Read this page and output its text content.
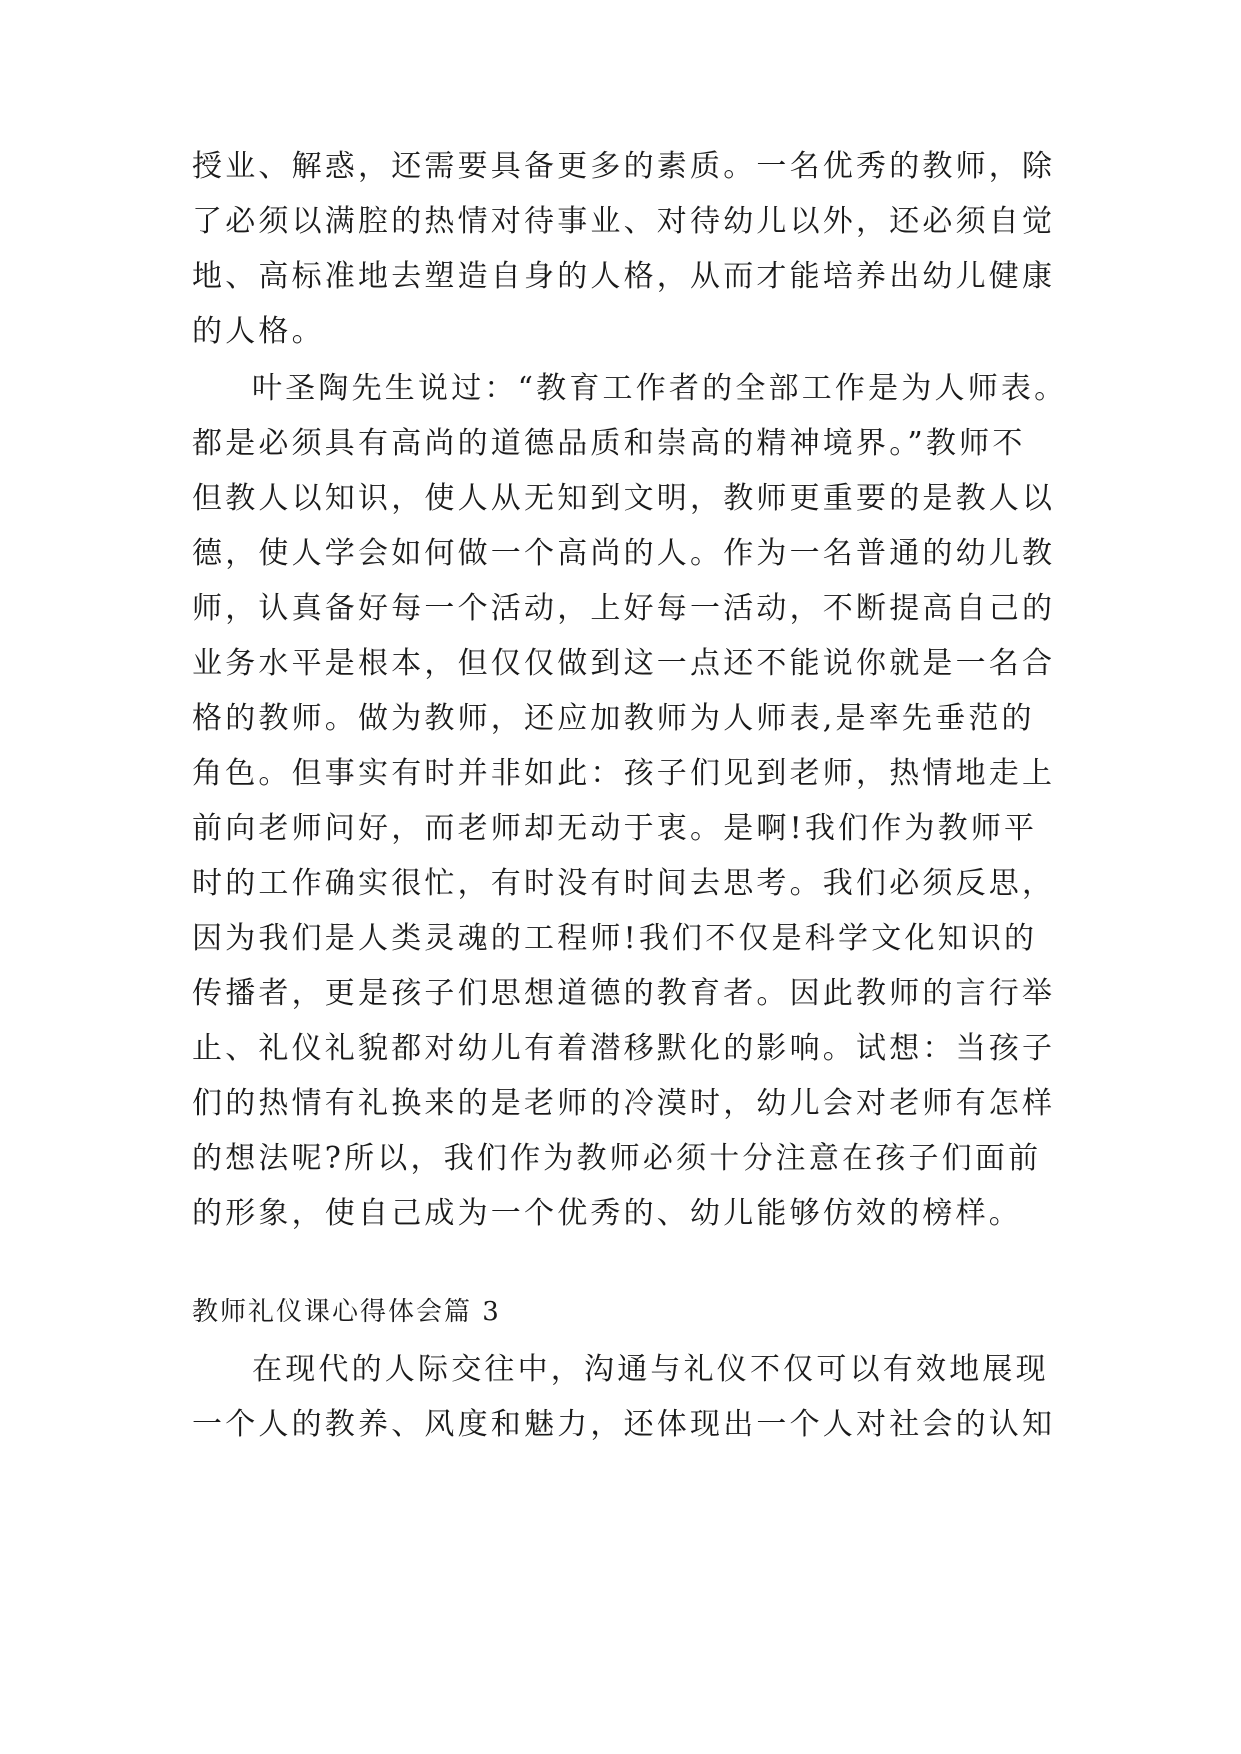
授业、解惑，还需要具备更多的素质。一名优秀的教师，除
了必须以满腔的热情对待事业、对待幼儿以外，还必须自觉
地、高标准地去塑造自身的人格，从而才能培养出幼儿健康
的人格。
叶圣陶先生说过：“教育工作者的全部工作是为人师表。
都是必须具有高尚的道德品质和崇高的精神境界。”教师不
但教人以知识，使人从无知到文明，教师更重要的是教人以
德，使人学会如何做一个高尚的人。作为一名普通的幼儿教
师，认真备好每一个活动，上好每一活动，不断提高自己的
业务水平是根本，但仅仅做到这一点还不能说你就是一名合
格的教师。做为教师，还应加教师为人师表,是率先垂范的
角色。但事实有时并非如此：孩子们见到老师，热情地走上
前向老师问好，而老师却无动于衷。是啊!我们作为教师平
时的工作确实很忙，有时没有时间去思考。我们必须反思，
因为我们是人类灵魂的工程师!我们不仅是科学文化知识的
传播者，更是孩子们思想道德的教育者。因此教师的言行举
止、礼仪礼貌都对幼儿有着潜移默化的影响。试想：当孩子
们的热情有礼换来的是老师的冷漠时，幼儿会对老师有怎样
的想法呢?所以，我们作为教师必须十分注意在孩子们面前
的形象，使自己成为一个优秀的、幼儿能够仿效的榜样。
教师礼仪课心得体会篇 3
在现代的人际交往中，沟通与礼仪不仅可以有效地展现
一个人的教养、风度和魅力，还体现出一个人对社会的认知
